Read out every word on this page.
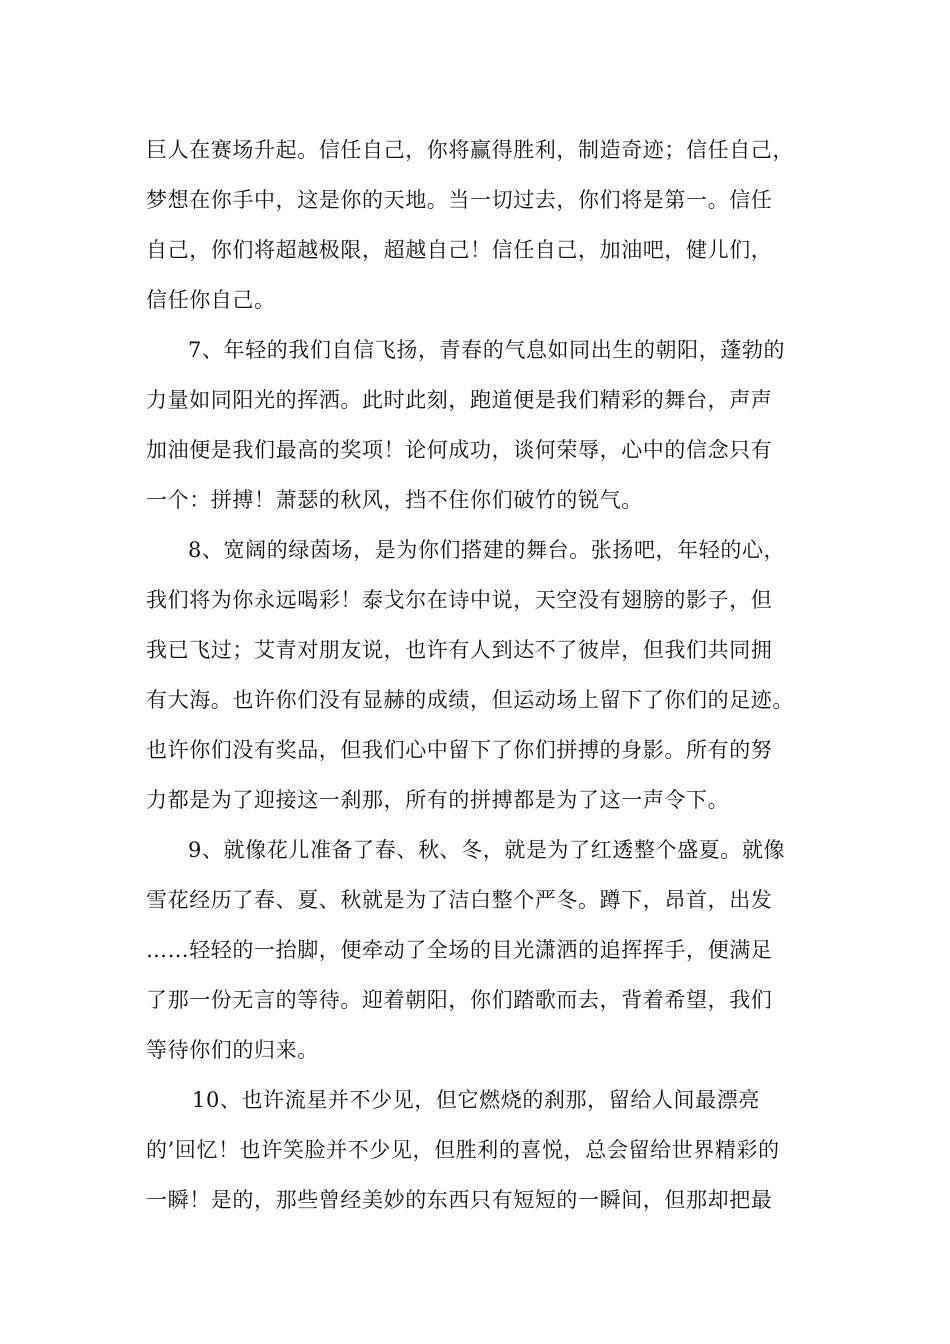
巨人在赛场升起。信任自己，你将赢得胜利，制造奇迹；信任自己，
梦想在你手中，这是你的天地。当一切过去，你们将是第一。信任
自己，你们将超越极限，超越自己！信任自己，加油吧，健儿们，
信任你自己。
7、年轻的我们自信飞扬，青春的气息如同出生的朝阳，蓬勃的
力量如同阳光的挥洒。此时此刻，跑道便是我们精彩的舞台，声声
加油便是我们最高的奖项！论何成功，谈何荣辱，心中的信念只有
一个：拼搏！萧瑟的秋风，挡不住你们破竹的锐气。
8、宽阔的绿茵场，是为你们搭建的舞台。张扬吧，年轻的心，
我们将为你永远喝彩！泰戈尔在诗中说，天空没有翅膀的影子，但
我已飞过；艾青对朋友说，也许有人到达不了彼岸，但我们共同拥
有大海。也许你们没有显赫的成绩，但运动场上留下了你们的足迹。
也许你们没有奖品，但我们心中留下了你们拼搏的身影。所有的努
力都是为了迎接这一刹那，所有的拼搏都是为了这一声令下。
9、就像花儿准备了春、秋、冬，就是为了红透整个盛夏。就像
雪花经历了春、夏、秋就是为了洁白整个严冬。蹲下，昂首，出发
……轻轻的一抬脚，便牵动了全场的目光潇洒的追挥挥手，便满足
了那一份无言的等待。迎着朝阳，你们踏歌而去，背着希望，我们
等待你们的归来。
10、也许流星并不少见，但它燃烧的刹那，留给人间最漂亮
的’回忆！也许笑脸并不少见，但胜利的喜悦，总会留给世界精彩的
一瞬！是的，那些曾经美妙的东西只有短短的一瞬间，但那却把最
